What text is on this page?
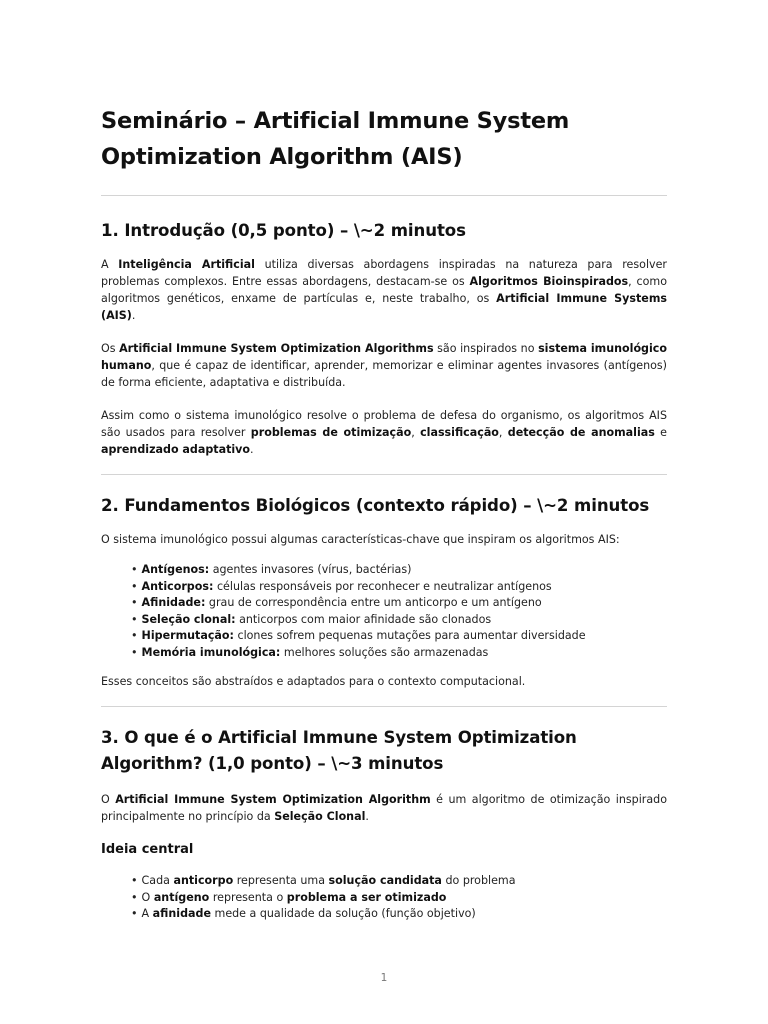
Seminário – Artificial Immune System Optimization Algorithm (AIS)
1. Introdução (0,5 ponto) – \~2 minutos

A Inteligência Artificial utiliza diversas abordagens inspiradas na natureza para resolver problemas complexos. Entre essas abordagens, destacam-se os Algoritmos Bioinspirados, como algoritmos genéticos, enxame de partículas e, neste trabalho, os Artificial Immune Systems (AIS).

Os Artificial Immune System Optimization Algorithms são inspirados no sistema imunológico humano, que é capaz de identificar, aprender, memorizar e eliminar agentes invasores (antígenos) de forma eficiente, adaptativa e distribuída.

Assim como o sistema imunológico resolve o problema de defesa do organismo, os algoritmos AIS são usados para resolver problemas de otimização, classificação, detecção de anomalias e aprendizado adaptativo.

2. Fundamentos Biológicos (contexto rápido) – \~2 minutos

O sistema imunológico possui algumas características-chave que inspiram os algoritmos AIS:

• Antígenos: agentes invasores (vírus, bactérias)
• Anticorpos: células responsáveis por reconhecer e neutralizar antígenos
• Afinidade: grau de correspondência entre um anticorpo e um antígeno
• Seleção clonal: anticorpos com maior afinidade são clonados
• Hipermutação: clones sofrem pequenas mutações para aumentar diversidade
• Memória imunológica: melhores soluções são armazenadas

Esses conceitos são abstraídos e adaptados para o contexto computacional.

3. O que é o Artificial Immune System Optimization Algorithm? (1,0 ponto) – \~3 minutos

O Artificial Immune System Optimization Algorithm é um algoritmo de otimização inspirado principalmente no princípio da Seleção Clonal.

Ideia central
• Cada anticorpo representa uma solução candidata do problema
• O antígeno representa o problema a ser otimizado
• A afinidade mede a qualidade da solução (função objetivo)
1
